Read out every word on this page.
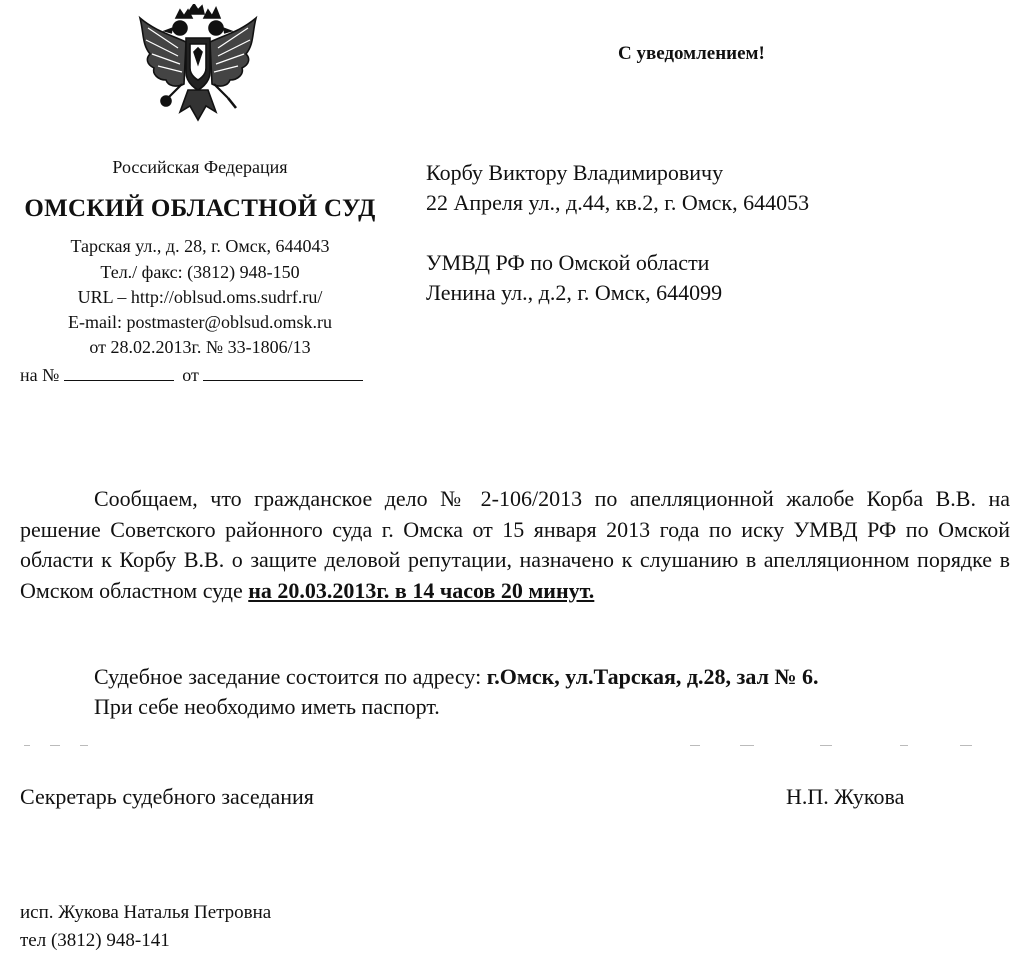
Российская Федерация
ОМСКИЙ ОБЛАСТНОЙ СУД
Тарская ул., д. 28, г. Омск, 644043
Тел./ факс: (3812) 948-150
URL – http://oblsud.oms.sudrf.ru/
E-mail: postmaster@oblsud.omsk.ru
от 28.02.2013г. № 33-1806/13
на №	от
С уведомлением!
Корбу Виктору Владимировичу
22 Апреля ул., д.44, кв.2, г. Омск, 644053
УМВД РФ по Омской области
Ленина ул., д.2, г. Омск, 644099
Сообщаем, что гражданское дело № 2-106/2013 по апелляционной жалобе Корба В.В. на решение Советского районного суда г. Омска от 15 января 2013 года по иску УМВД РФ по Омской области к Корбу В.В. о защите деловой репутации, назначено к слушанию в апелляционном порядке в Омском областном суде на 20.03.2013г. в 14 часов 20 минут.
Судебное заседание состоится по адресу: г.Омск, ул.Тарская, д.28, зал № 6.
При себе необходимо иметь паспорт.
Секретарь судебного заседания	Н.П. Жукова
исп. Жукова Наталья Петровна
тел (3812) 948-141
